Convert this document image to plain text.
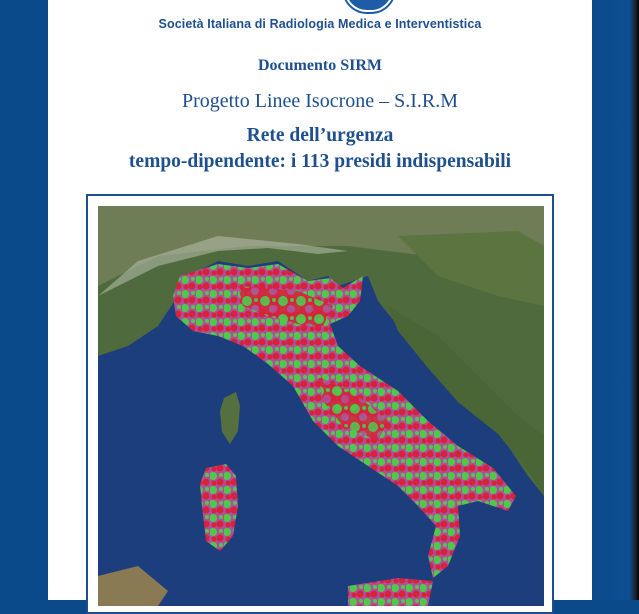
Società Italiana di Radiologia Medica e Interventistica
Documento SIRM
Progetto Linee Isocrone – S.I.R.M
Rete dell’urgenza
tempo-dipendente: i 113 presidi indispensabili
